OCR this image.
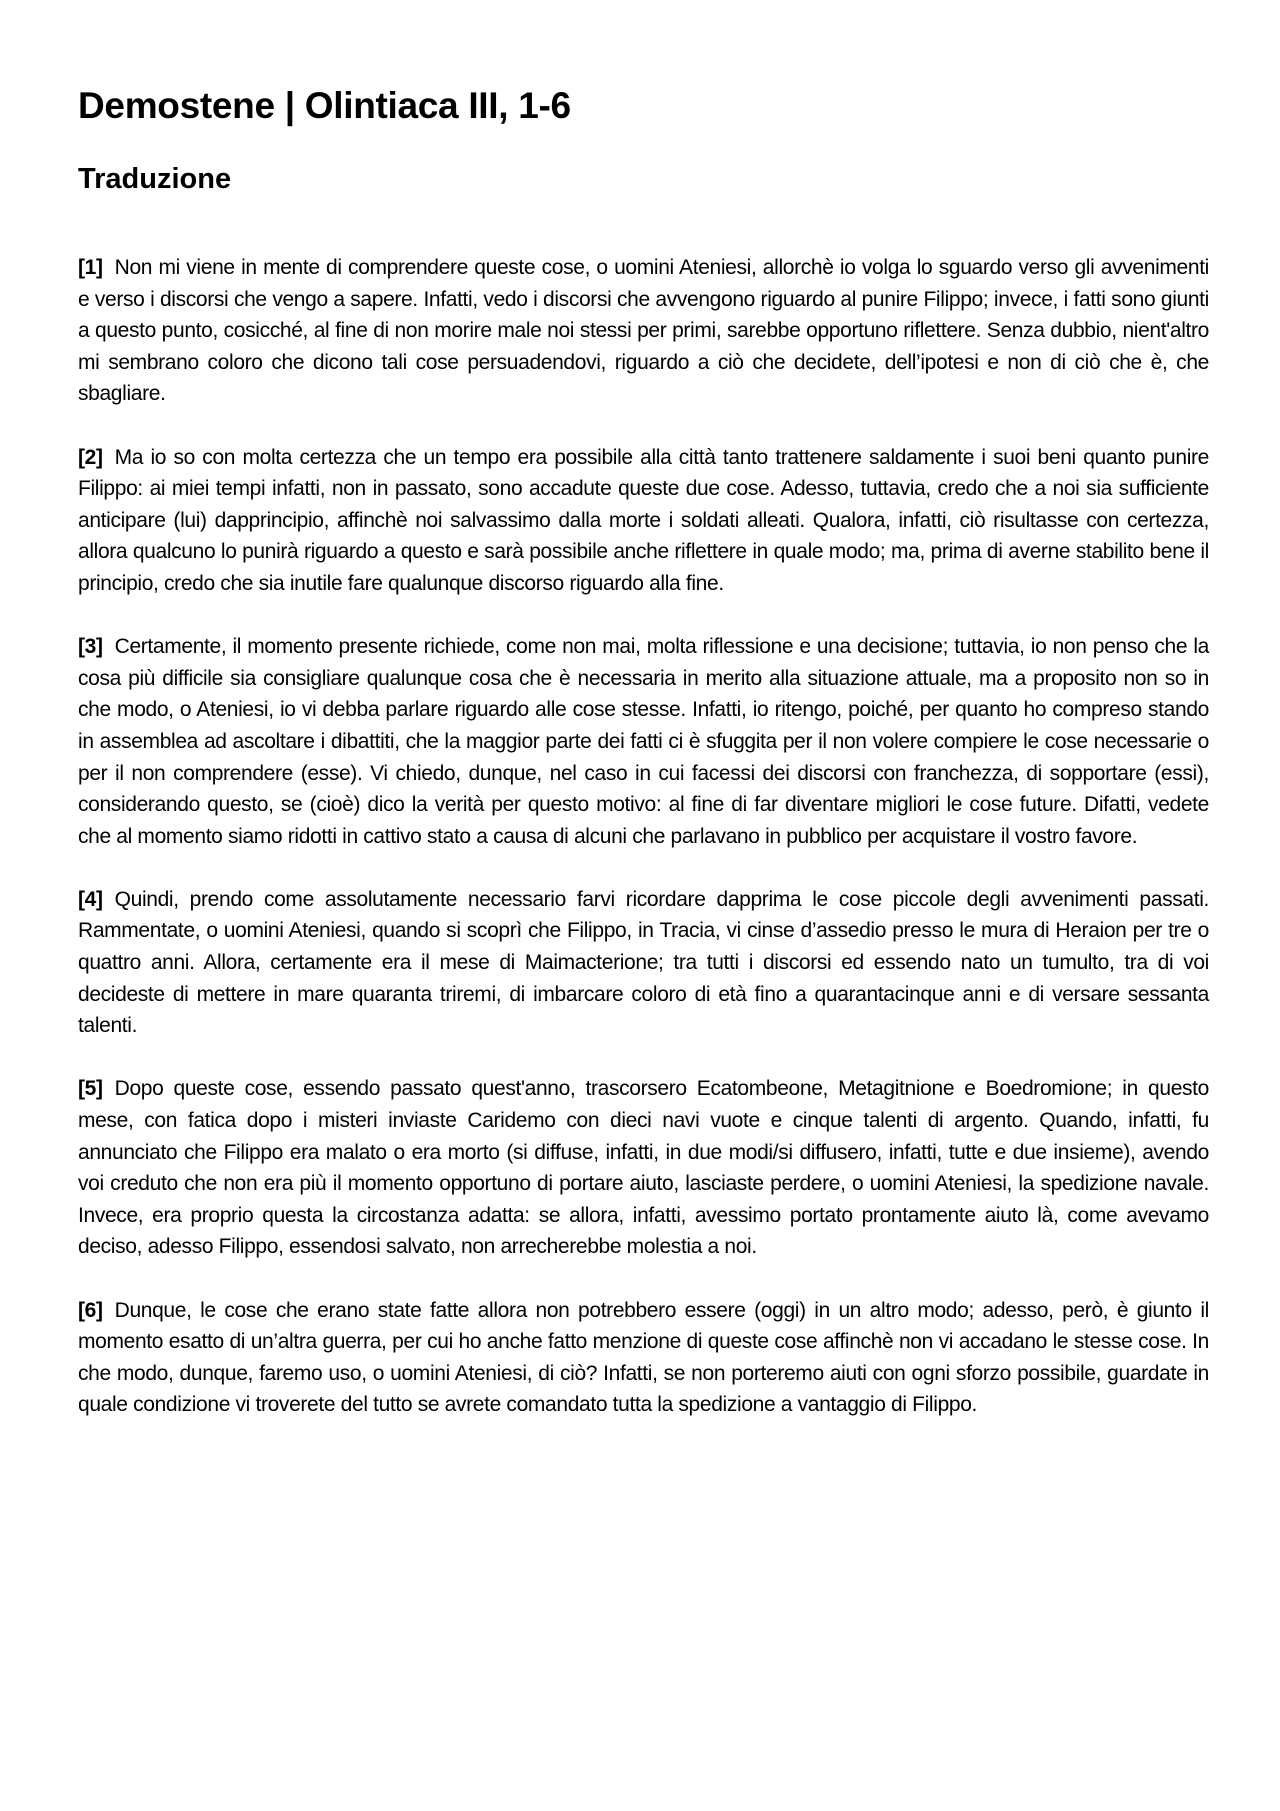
Demostene | Olintiaca III, 1-6
Traduzione

[1] Non mi viene in mente di comprendere queste cose, o uomini Ateniesi, allorchè io volga lo sguardo verso gli avvenimenti e verso i discorsi che vengo a sapere. Infatti, vedo i discorsi che avvengono riguardo al punire Filippo; invece, i fatti sono giunti a questo punto, cosicché, al fine di non morire male noi stessi per primi, sarebbe opportuno riflettere. Senza dubbio, nient'altro mi sembrano coloro che dicono tali cose persuadendovi, riguardo a ciò che decidete, dell’ipotesi e non di ciò che è, che sbagliare.

[2] Ma io so con molta certezza che un tempo era possibile alla città tanto trattenere saldamente i suoi beni quanto punire Filippo: ai miei tempi infatti, non in passato, sono accadute queste due cose. Adesso, tuttavia, credo che a noi sia sufficiente anticipare (lui) dapprincipio, affinchè noi salvassimo dalla morte i soldati alleati. Qualora, infatti, ciò risultasse con certezza, allora qualcuno lo punirà riguardo a questo e sarà possibile anche riflettere in quale modo; ma, prima di averne stabilito bene il principio, credo che sia inutile fare qualunque discorso riguardo alla fine.

[3] Certamente, il momento presente richiede, come non mai, molta riflessione e una decisione; tuttavia, io non penso che la cosa più difficile sia consigliare qualunque cosa che è necessaria in merito alla situazione attuale, ma a proposito non so in che modo, o Ateniesi, io vi debba parlare riguardo alle cose stesse. Infatti, io ritengo, poiché, per quanto ho compreso stando in assemblea ad ascoltare i dibattiti, che la maggior parte dei fatti ci è sfuggita per il non volere compiere le cose necessarie o per il non comprendere (esse). Vi chiedo, dunque, nel caso in cui facessi dei discorsi con franchezza, di sopportare (essi), considerando questo, se (cioè) dico la verità per questo motivo: al fine di far diventare migliori le cose future. Difatti, vedete che al momento siamo ridotti in cattivo stato a causa di alcuni che parlavano in pubblico per acquistare il vostro favore.

[4] Quindi, prendo come assolutamente necessario farvi ricordare dapprima le cose piccole degli avvenimenti passati. Rammentate, o uomini Ateniesi, quando si scoprì che Filippo, in Tracia, vi cinse d’assedio presso le mura di Heraion per tre o quattro anni. Allora, certamente era il mese di Maimacterione; tra tutti i discorsi ed essendo nato un tumulto, tra di voi decideste di mettere in mare quaranta triremi, di imbarcare coloro di età fino a quarantacinque anni e di versare sessanta talenti.

[5] Dopo queste cose, essendo passato quest'anno, trascorsero Ecatombeone, Metagitnione e Boedromione; in questo mese, con fatica dopo i misteri inviaste Caridemo con dieci navi vuote e cinque talenti di argento. Quando, infatti, fu annunciato che Filippo era malato o era morto (si diffuse, infatti, in due modi/si diffusero, infatti, tutte e due insieme), avendo voi creduto che non era più il momento opportuno di portare aiuto, lasciaste perdere, o uomini Ateniesi, la spedizione navale. Invece, era proprio questa la circostanza adatta: se allora, infatti, avessimo portato prontamente aiuto là, come avevamo deciso, adesso Filippo, essendosi salvato, non arrecherebbe molestia a noi.

[6] Dunque, le cose che erano state fatte allora non potrebbero essere (oggi) in un altro modo; adesso, però, è giunto il momento esatto di un’altra guerra, per cui ho anche fatto menzione di queste cose affinchè non vi accadano le stesse cose. In che modo, dunque, faremo uso, o uomini Ateniesi, di ciò? Infatti, se non porteremo aiuti con ogni sforzo possibile, guardate in quale condizione vi troverete del tutto se avrete comandato tutta la spedizione a vantaggio di Filippo.
